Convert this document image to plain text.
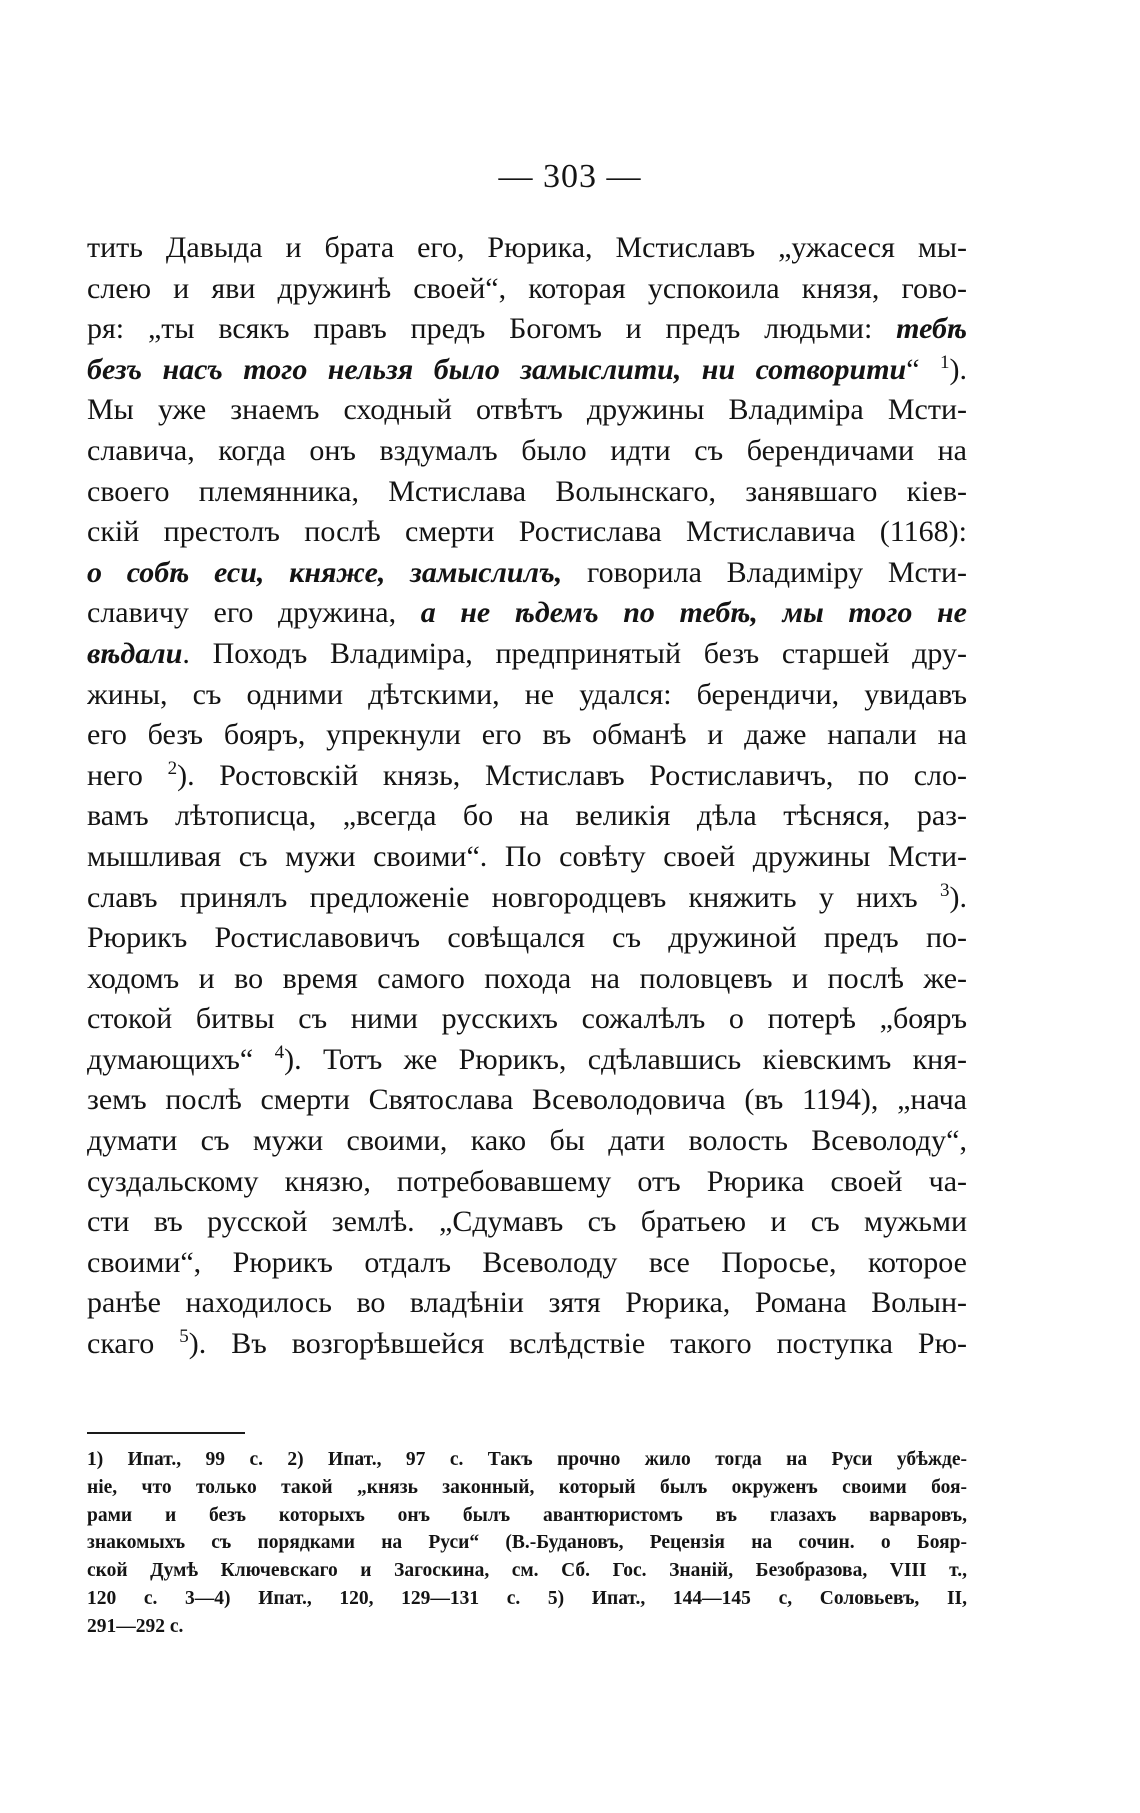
— 303 —
тить Давыда и брата его, Рюрика, Мстиславъ „ужасеся мы-
слею и яви дружинѣ своей“, которая успокоила князя, гово-
ря: „ты всякъ правъ предъ Богомъ и предъ людьми: тебѣ
безъ насъ того нельзя было замыслити, ни сотворити“ $^1$).
Мы уже знаемъ сходный отвѣтъ дружины Владиміра Мсти-
славича, когда онъ вздумалъ было идти съ берендичами на
своего племянника, Мстислава Волынскаго, занявшаго кіев-
скій престолъ послѣ смерти Ростислава Мстиславича (1168):
о собѣ еси, княже, замыслилъ, говорила Владиміру Мсти-
славичу его дружина, а не ѣдемъ по тебѣ, мы того не
вѣдали. Походъ Владиміра, предпринятый безъ старшей дру-
жины, съ одними дѣтскими, не удался: берендичи, увидавъ
его безъ бояръ, упрекнули его въ обманѣ и даже напали на
него $^2$). Ростовскій князь, Мстиславъ Ростиславичъ, по сло-
вамъ лѣтописца, „всегда бо на великія дѣла тѣсняся, раз-
мышливая съ мужи своими“. По совѣту своей дружины Мсти-
славъ принялъ предложеніе новгородцевъ княжить у нихъ $^3$).
Рюрикъ Ростиславовичъ совѣщался съ дружиной предъ по-
ходомъ и во время самого похода на половцевъ и послѣ же-
стокой битвы съ ними русскихъ сожалѣлъ о потерѣ „бояръ
думающихъ“ $^4$). Тотъ же Рюрикъ, сдѣлавшись кіевскимъ кня-
земъ послѣ смерти Святослава Всеволодовича (въ 1194), „нача
думати съ мужи своими, како бы дати волость Всеволоду“,
суздальскому князю, потребовавшему отъ Рюрика своей ча-
сти въ русской землѣ. „Сдумавъ съ братьею и съ мужьми
своими“, Рюрикъ отдалъ Всеволоду все Поросье, которое
ранѣе находилось во владѣніи зятя Рюрика, Романа Волын-
скаго $^5$). Въ возгорѣвшейся вслѣдствіе такого поступка Рю-
1) Ипат., 99 с. 2) Ипат., 97 с. Такъ прочно жило тогда на Руси убѣжде-
ніе, что только такой „князь законный, который былъ окруженъ своими боя-
рами и безъ которыхъ онъ былъ авантюристомъ въ глазахъ варваровъ,
знакомыхъ съ порядками на Руси“ (В.-Будановъ, Рецензія на сочин. о Бояр-
ской Думѣ Ключевскаго и Загоскина, см. Сб. Гос. Знаній, Безобразова, VIII т.,
120 с. 3—4) Ипат., 120, 129—131 с. 5) Ипат., 144—145 с, Соловьевъ, II,
291—292 с.
